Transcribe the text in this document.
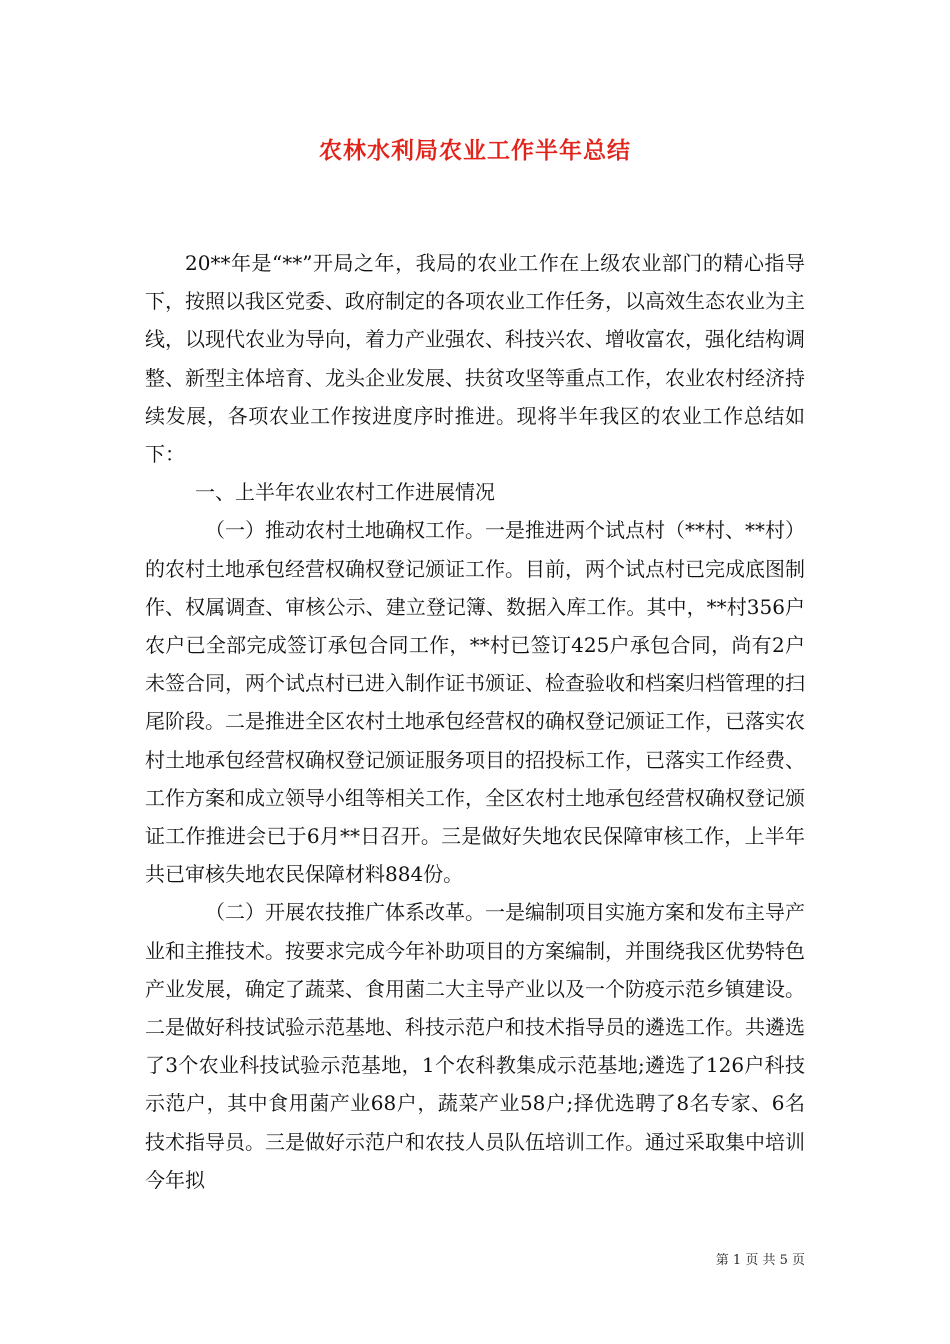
农林水利局农业工作半年总结

20**年是“**”开局之年，我局的农业工作在上级农业部门的精心指导下，按照以我区党委、政府制定的各项农业工作任务，以高效生态农业为主线，以现代农业为导向，着力产业强农、科技兴农、增收富农，强化结构调整、新型主体培育、龙头企业发展、扶贫攻坚等重点工作，农业农村经济持续发展，各项农业工作按进度序时推进。现将半年我区的农业工作总结如下：

一、上半年农业农村工作进展情况

（一）推动农村土地确权工作。一是推进两个试点村（**村、**村）的农村土地承包经营权确权登记颁证工作。目前，两个试点村已完成底图制作、权属调查、审核公示、建立登记簿、数据入库工作。其中，**村356户农户已全部完成签订承包合同工作，**村已签订425户承包合同，尚有2户未签合同，两个试点村已进入制作证书颁证、检查验收和档案归档管理的扫尾阶段。二是推进全区农村土地承包经营权的确权登记颁证工作，已落实农村土地承包经营权确权登记颁证服务项目的招投标工作，已落实工作经费、工作方案和成立领导小组等相关工作，全区农村土地承包经营权确权登记颁证工作推进会已于6月**日召开。三是做好失地农民保障审核工作，上半年共已审核失地农民保障材料884份。

（二）开展农技推广体系改革。一是编制项目实施方案和发布主导产业和主推技术。按要求完成今年补助项目的方案编制，并围绕我区优势特色产业发展，确定了蔬菜、食用菌二大主导产业以及一个防疫示范乡镇建设。二是做好科技试验示范基地、科技示范户和技术指导员的遴选工作。共遴选了3个农业科技试验示范基地，1个农科教集成示范基地;遴选了126户科技示范户，其中食用菌产业68户，蔬菜产业58户;择优选聘了8名专家、6名技术指导员。三是做好示范户和农技人员队伍培训工作。通过采取集中培训今年拟

第 1 页 共 5 页
